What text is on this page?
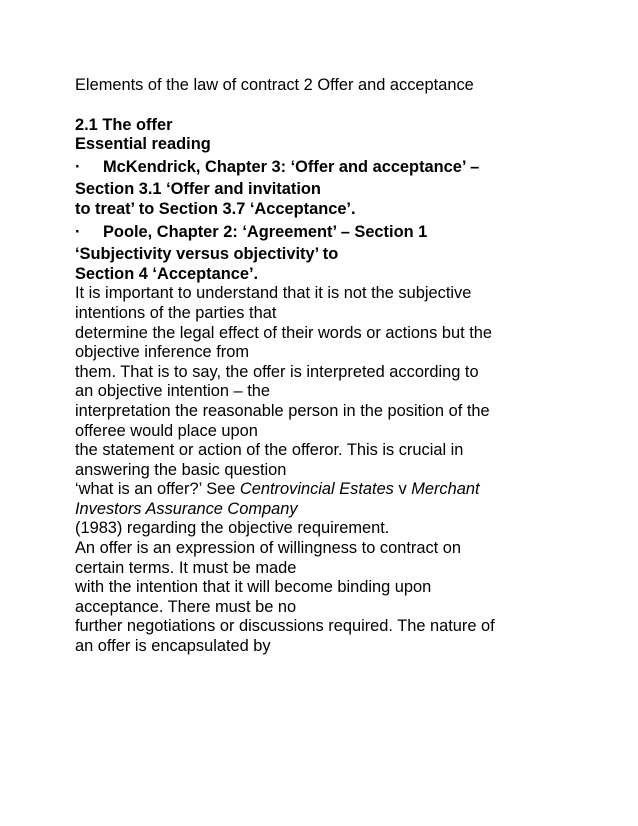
Elements of the law of contract 2 Offer and acceptance
2.1 The offer
Essential reading
· McKendrick, Chapter 3: ‘Offer and acceptance’ –
Section 3.1 ‘Offer and invitation
to treat’ to Section 3.7 ‘Acceptance’.
· Poole, Chapter 2: ‘Agreement’ – Section 1
‘Subjectivity versus objectivity’ to
Section 4 ‘Acceptance’.
It is important to understand that it is not the subjective
intentions of the parties that
determine the legal effect of their words or actions but the
objective inference from
them. That is to say, the offer is interpreted according to
an objective intention – the
interpretation the reasonable person in the position of the
offeree would place upon
the statement or action of the offeror. This is crucial in
answering the basic question
‘what is an offer?’ See Centrovincial Estates v Merchant
Investors Assurance Company
(1983) regarding the objective requirement.
An offer is an expression of willingness to contract on
certain terms. It must be made
with the intention that it will become binding upon
acceptance. There must be no
further negotiations or discussions required. The nature of
an offer is encapsulated by
